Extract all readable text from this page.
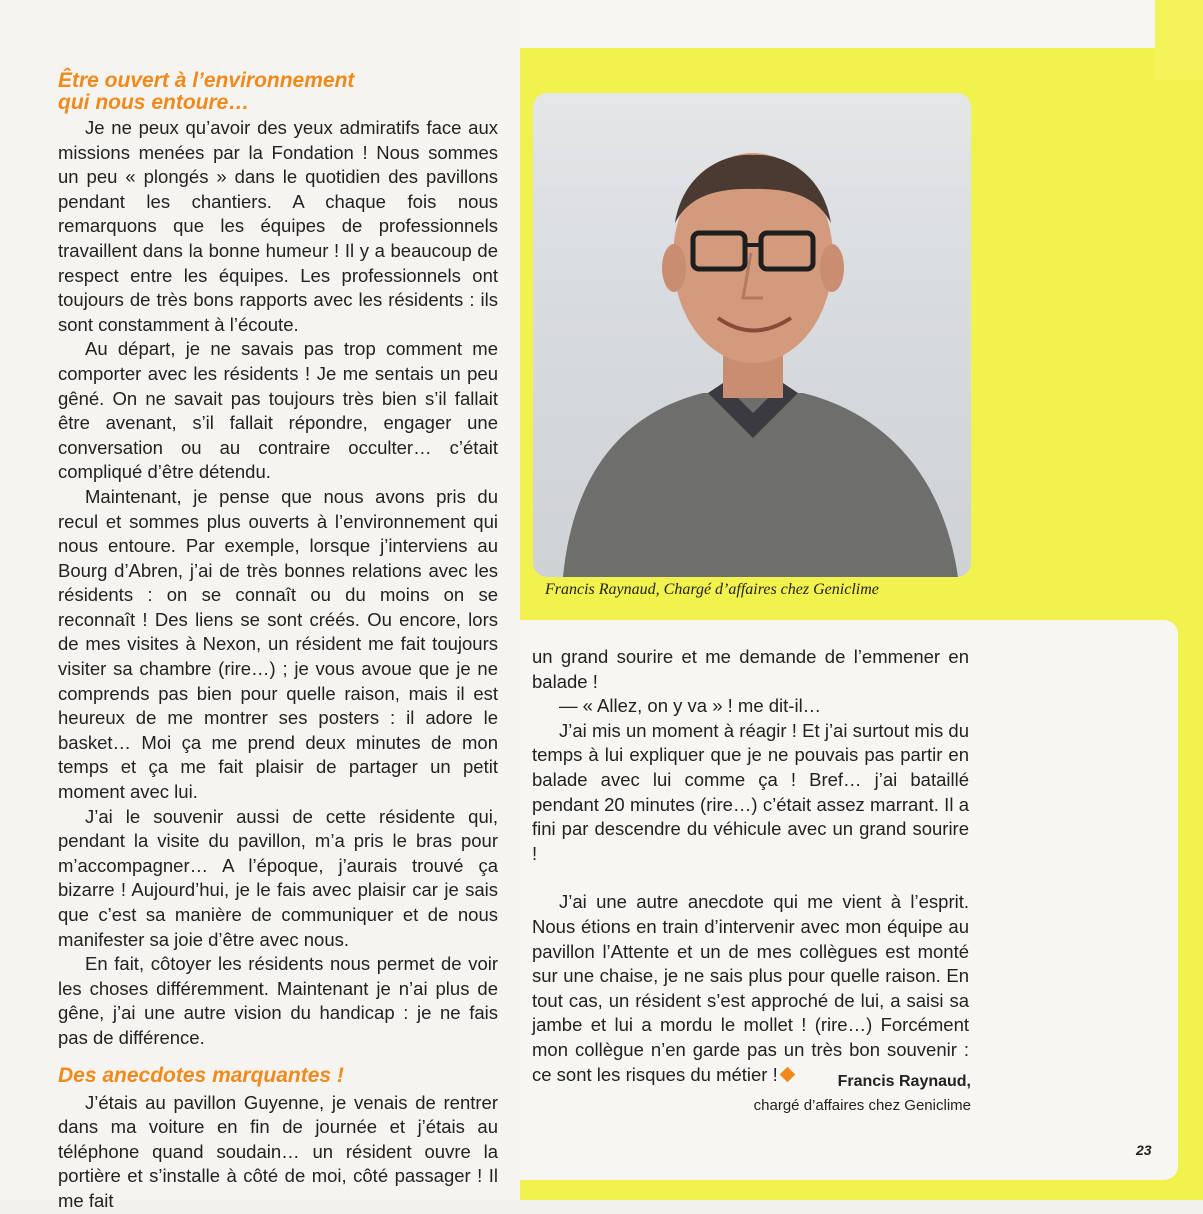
Être ouvert à l’environnement
qui nous entoure…

Je ne peux qu’avoir des yeux admiratifs face aux missions menées par la Fondation ! Nous sommes un peu « plongés » dans le quotidien des pavillons pendant les chantiers. A chaque fois nous remarquons que les équipes de professionnels travaillent dans la bonne humeur ! Il y a beaucoup de respect entre les équipes. Les professionnels ont toujours de très bons rapports avec les résidents : ils sont constamment à l’écoute.

Au départ, je ne savais pas trop comment me comporter avec les résidents ! Je me sentais un peu gêné. On ne savait pas toujours très bien s’il fallait être avenant, s’il fallait répondre, engager une conversation ou au contraire occulter… c’était compliqué d’être détendu.

Maintenant, je pense que nous avons pris du recul et sommes plus ouverts à l’environnement qui nous entoure. Par exemple, lorsque j’interviens au Bourg d’Abren, j’ai de très bonnes relations avec les résidents : on se connaît ou du moins on se reconnaît ! Des liens se sont créés. Ou encore, lors de mes visites à Nexon, un résident me fait toujours visiter sa chambre (rire…) ; je vous avoue que je ne comprends pas bien pour quelle raison, mais il est heureux de me montrer ses posters : il adore le basket… Moi ça me prend deux minutes de mon temps et ça me fait plaisir de partager un petit moment avec lui.

J’ai le souvenir aussi de cette résidente qui, pendant la visite du pavillon, m’a pris le bras pour m’accompagner… A l’époque, j’aurais trouvé ça bizarre ! Aujourd’hui, je le fais avec plaisir car je sais que c’est sa manière de communiquer et de nous manifester sa joie d’être avec nous.

En fait, côtoyer les résidents nous permet de voir les choses différemment. Maintenant je n’ai plus de gêne, j’ai une autre vision du handicap : je ne fais pas de différence.

Des anecdotes marquantes !

J’étais au pavillon Guyenne, je venais de rentrer dans ma voiture en fin de journée et j’étais au téléphone quand soudain… un résident ouvre la portière et s’installe à côté de moi, côté passager ! Il me fait

Francis Raynaud, Chargé d’affaires chez Geniclime

un grand sourire et me demande de l’emmener en balade !

— « Allez, on y va » ! me dit-il…

J’ai mis un moment à réagir ! Et j’ai surtout mis du temps à lui expliquer que je ne pouvais pas partir en balade avec lui comme ça ! Bref… j’ai bataillé pendant 20 minutes (rire…) c’était assez marrant. Il a fini par descendre du véhicule avec un grand sourire !

J’ai une autre anecdote qui me vient à l’esprit. Nous étions en train d’intervenir avec mon équipe au pavillon l’Attente et un de mes collègues est monté sur une chaise, je ne sais plus pour quelle raison. En tout cas, un résident s’est approché de lui, a saisi sa jambe et lui a mordu le mollet ! (rire…) Forcément mon collègue n’en garde pas un très bon souvenir : ce sont les risques du métier !	Francis Raynaud,
chargé d’affaires chez Geniclime
23
